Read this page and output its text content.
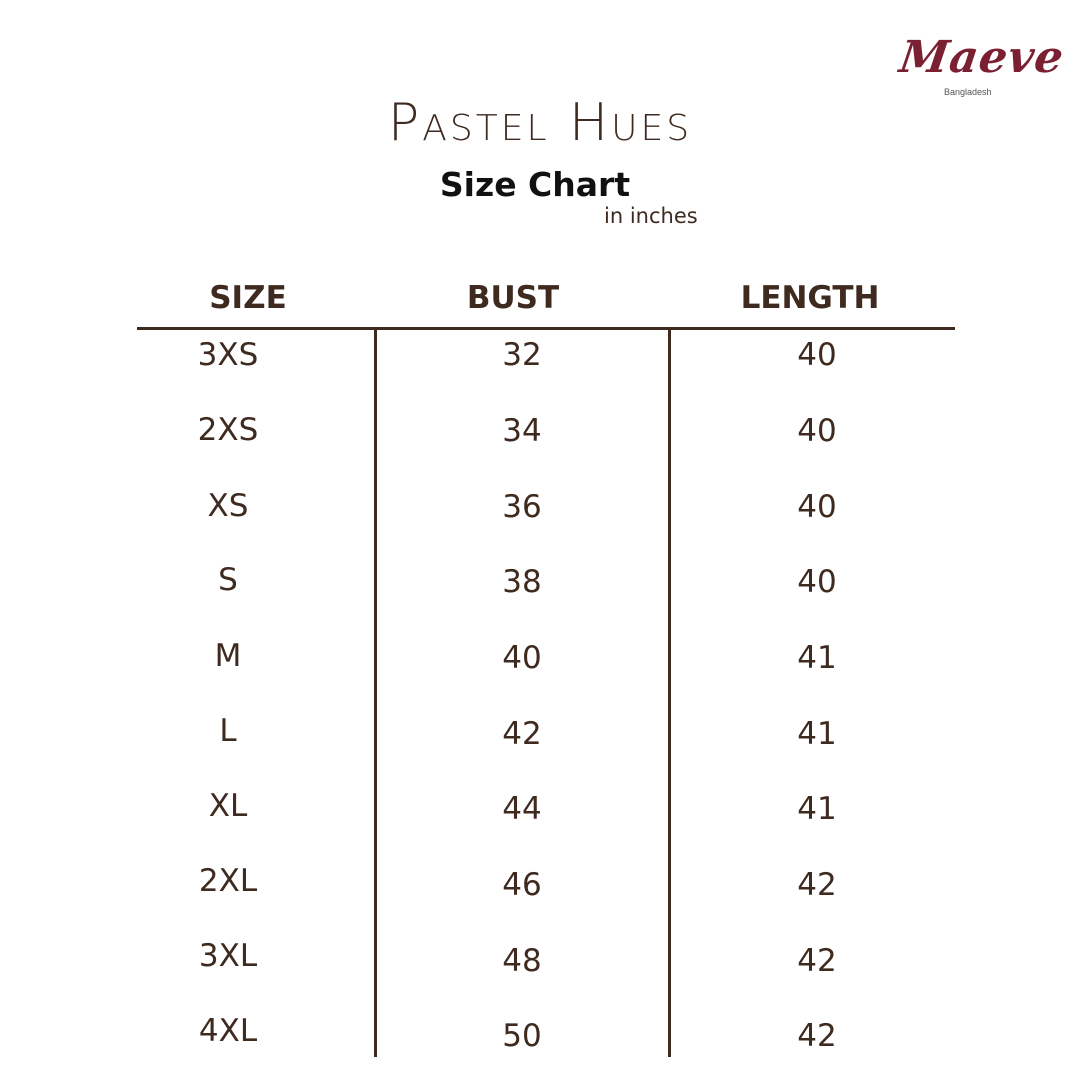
Maeve
Bangladesh
Pastel Hues
Size Chart
in inches
SIZE	BUST	LENGTH
3XS	32	40
2XS	34	40
XS	36	40
S	38	40
M	40	41
L	42	41
XL	44	41
2XL	46	42
3XL	48	42
4XL	50	42
